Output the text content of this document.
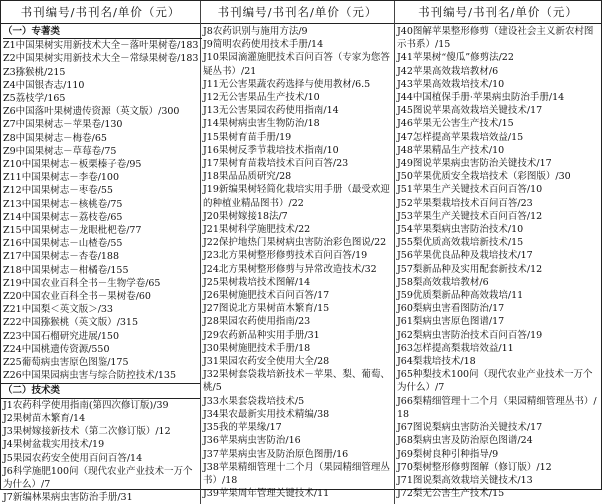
书刊编号/书刊名/单价（元）
（一）专著类
Z1中国果树实用新技术大全－落叶果树卷/183
Z2中国果树实用新技术大全－常绿果树卷/183
Z3猕猴桃/215
Z4中国银杏志/110
Z5荔枝学/165
Z6中国落叶果树遗传资源（英文版）/300
Z7中国果树志－苹果卷/130
Z8中国果树志－梅卷/65
Z9中国果树志－草莓卷/75
Z10中国果树志－板栗榛子卷/95
Z11中国果树志－李卷/100
Z12中国果树志－枣卷/55
Z13中国果树志－核桃卷/75
Z14中国果树志－荔枝卷/65
Z15中国果树志－龙眼枇杷卷/77
Z16中国果树志－山楂卷/55
Z17中国果树志－杏卷/188
Z18中国果树志－柑橘卷/155
Z19中国农业百科全书－生物学卷/65
Z20中国农业百科全书－果树卷/60
Z21中国梨＜英文版＞/33
Z22中国猕猴桃（英文版）/315
Z23中国石榴研究进展/150
Z24中国桃遗传资源/550
Z25葡萄病虫害原色图鉴/175
Z26中国果园病虫害与综合防控技术/135
（二）技术类
J1农药科学使用指南(第四次修订版)/39
J2果树苗木繁育/14
J3果树嫁接新技术（第二次修订版）/12
J4果树盆栽实用技术/19
J5果园农药安全使用百问百答/14
J6科学施肥100问（现代农业产业技术一万个为什么）/7
J7新编林果病虫害防治手册/31
书刊编号/书刊名/单价（元）
J8农药识别与施用方法/9
J9简明农药使用技术手册/14
J10果园滴灌施肥技术百问百答（专家为您答疑丛书）/21
J11无公害果蔬农药选择与使用教材/6.5
J12无公害果品生产技术/10
J13无公害果园农药使用指南/14
J14果树病虫害生物防治/18
J15果树育苗手册/19
J16果树反季节栽培技术指南/10
J17果树育苗栽培技术百问百答/23
J18果品品质研究/28
J19新编果树轻简化栽培实用手册（最受欢迎的种植业精品图书）/22
J20果树嫁接18法/7
J21果树科学施肥技术/22
J22保护地热门果树病虫害防治彩色图说/22
J23北方果树整形修剪技术百问百答/19
J24北方果树整形修剪与异常改造技术/32
J25果树栽培技术图解/14
J26果树施肥技术百问百答/17
J27图说北方果树苗木繁育/15
J28果园农药使用指南/23
J29农药新品种实用手册/31
J30果树施肥技术手册/18
J31果园农药安全使用大全/28
J32果树套袋栽培新技术－苹果、梨、葡萄、桃/5
J33水果套袋栽培技术/5
J34果农最新实用技术精编/38
J35我的苹果缘/17
J36苹果病虫害防治/16
J37苹果病虫害及防治原色图册/16
J38苹果精细管理十二个月（果园精细管理丛书）/18
J39苹果周年管理关键技术/11
书刊编号/书刊名/单价（元）
J40图解苹果整形修剪（建设社会主义新农村图示书系）/15
J41苹果树“傻瓜”修剪法/22
J42苹果高效栽培教材/6
J43苹果高效栽培技术/10
J44中国植保手册·苹果病虫防治手册/14
J45图说苹果高效栽培关键技术/17
J46苹果无公害生产技术/15
J47怎样提高苹果栽培效益/15
J48苹果精品生产技术/10
J49图说苹果病虫害防治关键技术/17
J50苹果优质安全栽培技术（彩图版）/30
J51苹果生产关键技术百问百答/10
J52苹果梨栽培技术百问百答/23
J53苹果生产关键技术百问百答/12
J54苹果梨病虫害防治技术/10
J55梨优质高效栽培新技术/15
J56苹果优良品种及栽培技术/17
J57梨新品种及实用配套新技术/12
J58梨高效栽培教材/6
J59优质梨新品种高效栽培/11
J60梨病虫害看图防治/17
J61梨病虫害原色图谱/17
J62梨病虫害防治技术百问百答/19
J63怎样提高梨栽培效益/11
J64梨栽培技术/18
J65种梨技术100问（现代农业产业技术一万个为什么）/7
J66梨精细管理十二个月（果园精细管理丛书）/18
J67图说梨病虫害防治关键技术/17
J68梨病虫害及防治原色图谱/24
J69梨树良种引种指导/9
J70梨树整形修剪图解（修订版）/12
J71图说梨高效栽培关键技术/13
J72梨无公害生产技术/15
